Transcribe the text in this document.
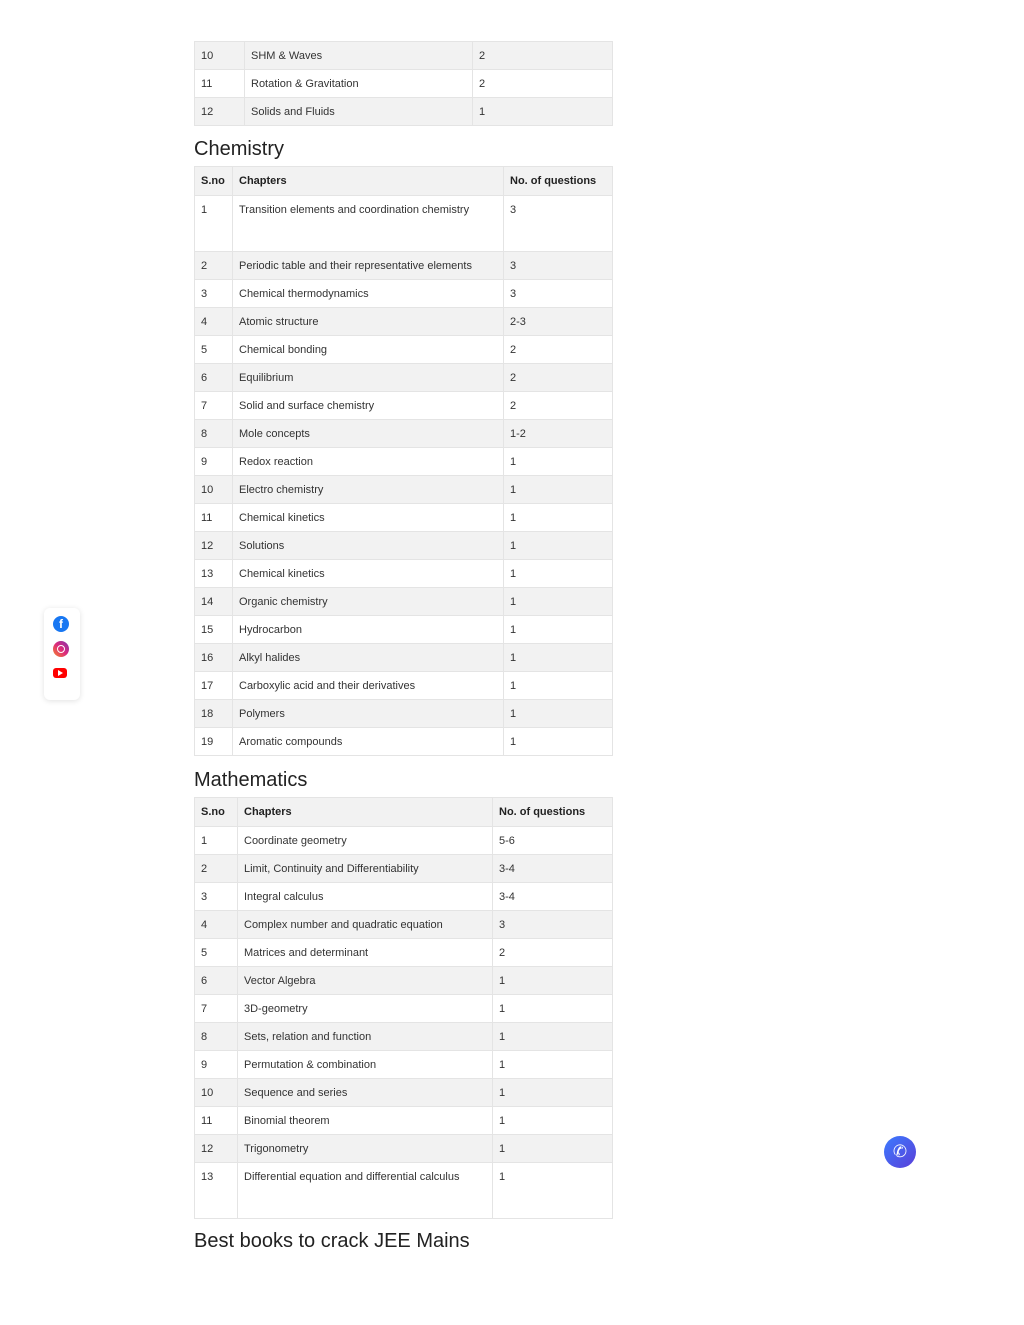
10	SHM & Waves	2
11	Rotation & Gravitation	2
12	Solids and Fluids	1
Chemistry
S.no	Chapters	No. of questions
1	Transition elements and coordination chemistry	3
2	Periodic table and their representative elements	3
3	Chemical thermodynamics	3
4	Atomic structure	2-3
5	Chemical bonding	2
6	Equilibrium	2
7	Solid and surface chemistry	2
8	Mole concepts	1-2
9	Redox reaction	1
10	Electro chemistry	1
11	Chemical kinetics	1
12	Solutions	1
13	Chemical kinetics	1
14	Organic chemistry	1
15	Hydrocarbon	1
16	Alkyl halides	1
17	Carboxylic acid and their derivatives	1
18	Polymers	1
19	Aromatic compounds	1
Mathematics
S.no	Chapters	No. of questions
1	Coordinate geometry	5-6
2	Limit, Continuity and Differentiability	3-4
3	Integral calculus	3-4
4	Complex number and quadratic equation	3
5	Matrices and determinant	2
6	Vector Algebra	1
7	3D-geometry	1
8	Sets, relation and function	1
9	Permutation & combination	1
10	Sequence and series	1
11	Binomial theorem	1
12	Trigonometry	1
13	Differential equation and differential calculus	1
Best books to crack JEE Mains
f
✆
